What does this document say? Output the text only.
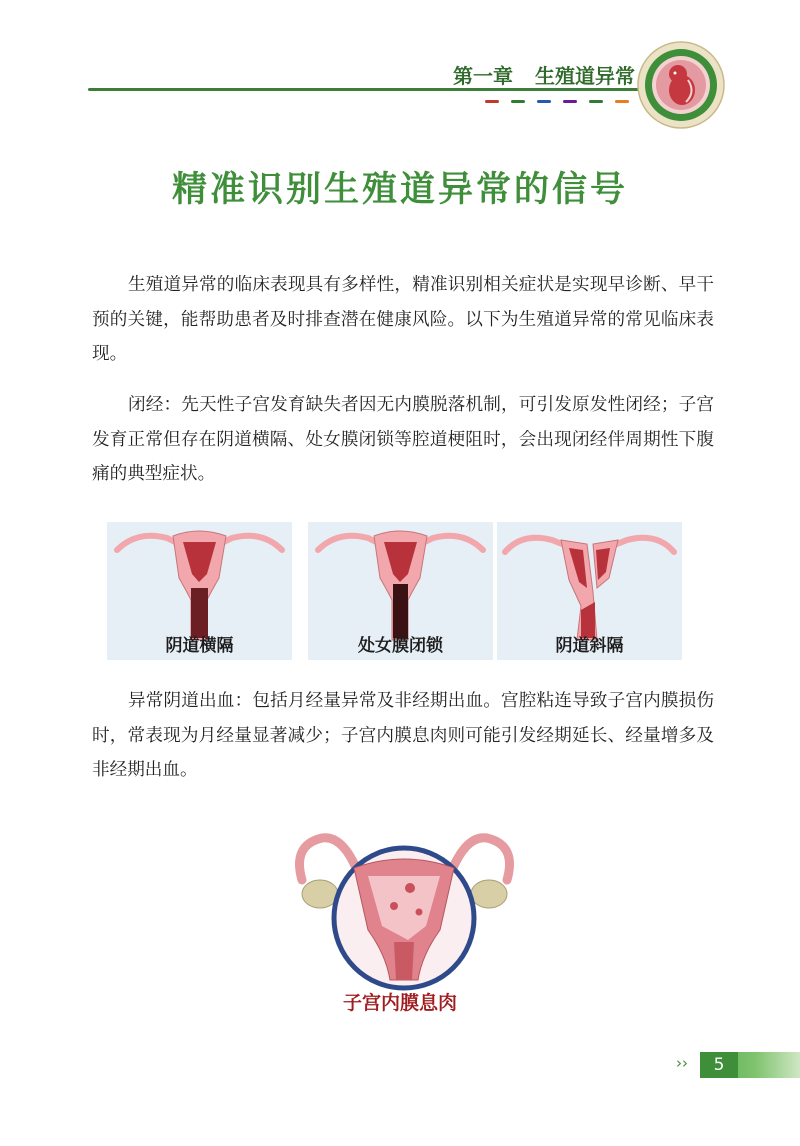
第一章 生殖道异常
精准识别生殖道异常的信号

生殖道异常的临床表现具有多样性，精准识别相关症状是实现早诊断、早干预的关键，能帮助患者及时排查潜在健康风险。以下为生殖道异常的常见临床表现。

闭经：先天性子宫发育缺失者因无内膜脱落机制，可引发原发性闭经；子宫发育正常但存在阴道横隔、处女膜闭锁等腔道梗阻时，会出现闭经伴周期性下腹痛的典型症状。

阴道横隔	处女膜闭锁	阴道斜隔

异常阴道出血：包括月经量异常及非经期出血。宫腔粘连导致子宫内膜损伤时，常表现为月经量显著减少；子宫内膜息肉则可能引发经期延长、经量增多及非经期出血。

子宫内膜息肉
››	5
